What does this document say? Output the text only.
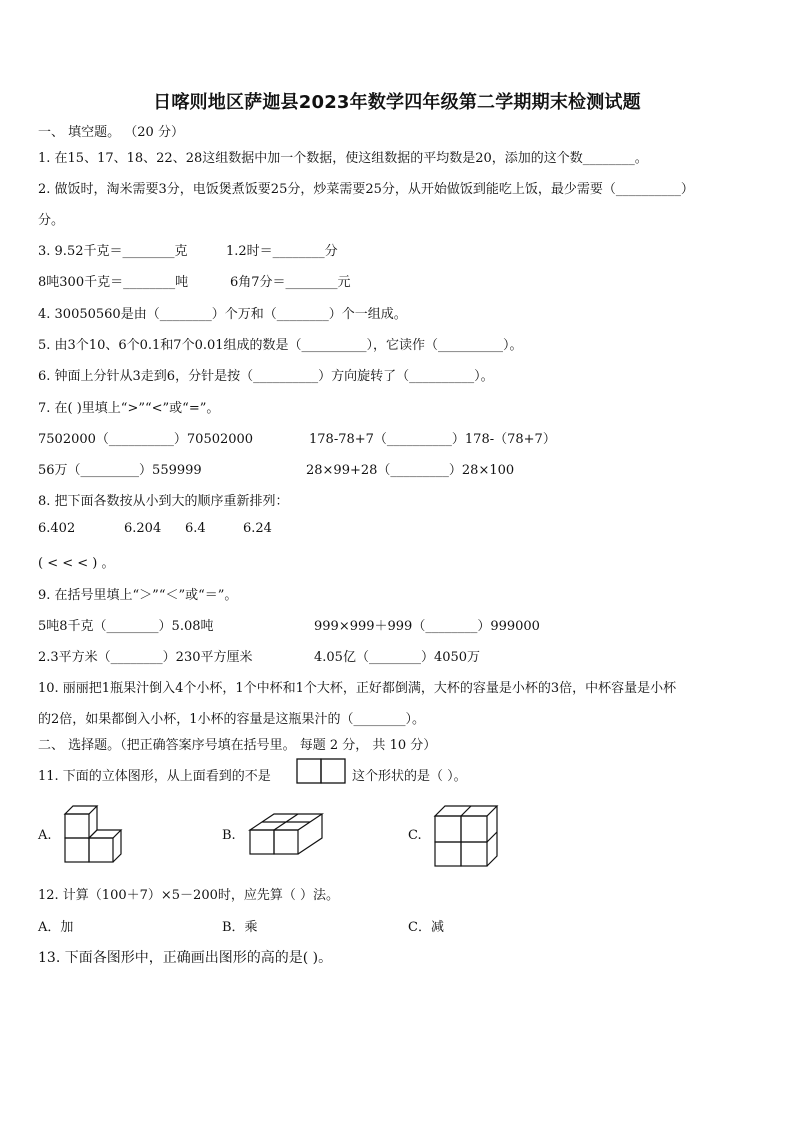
日喀则地区萨迦县2023年数学四年级第二学期期末检测试题
一、 填空题。 （20 分）
1. 在15、17、18、22、28这组数据中加一个数据，使这组数据的平均数是20，添加的这个数________。
2. 做饭时，淘米需要3分，电饭煲煮饭要25分，炒菜需要25分，从开始做饭到能吃上饭，最少需要（__________）
分。
3. 9.52千克＝________克	1.2时＝________分
8吨300千克＝________吨	6角7分＝________元
4. 30050560是由（________）个万和（________）个一组成。
5. 由3个10、6个0.1和7个0.01组成的数是（__________），它读作（__________）。
6. 钟面上分针从3走到6，分针是按（__________）方向旋转了（__________）。
7. 在( )里填上“>”“<”或“=”。
7502000（__________）70502000	178-78+7（__________）178-（78+7）
56万（_________）559999	28×99+28（_________）28×100
8. 把下面各数按从小到大的顺序重新排列：
6.402	6.204 6.4	6.24
( < < < ) 。
9. 在括号里填上“＞”“＜”或“＝”。
5吨8千克（________）5.08吨	999×999＋999（________）999000
2.3平方米（________）230平方厘米	4.05亿（________）4050万
10. 丽丽把1瓶果汁倒入4个小杯，1个中杯和1个大杯，正好都倒满，大杯的容量是小杯的3倍，中杯容量是小杯
的2倍，如果都倒入小杯，1小杯的容量是这瓶果汁的（________）。
二、 选择题。（把正确答案序号填在括号里。 每题 2 分， 共 10 分）
11. 下面的立体图形，从上面看到的不是	这个形状的是（ ）。
A.	B.	C.
12. 计算（100＋7）×5－200时，应先算（ ）法。
A．加	B．乘	C．减
13. 下面各图形中，正确画出图形的高的是( )。
